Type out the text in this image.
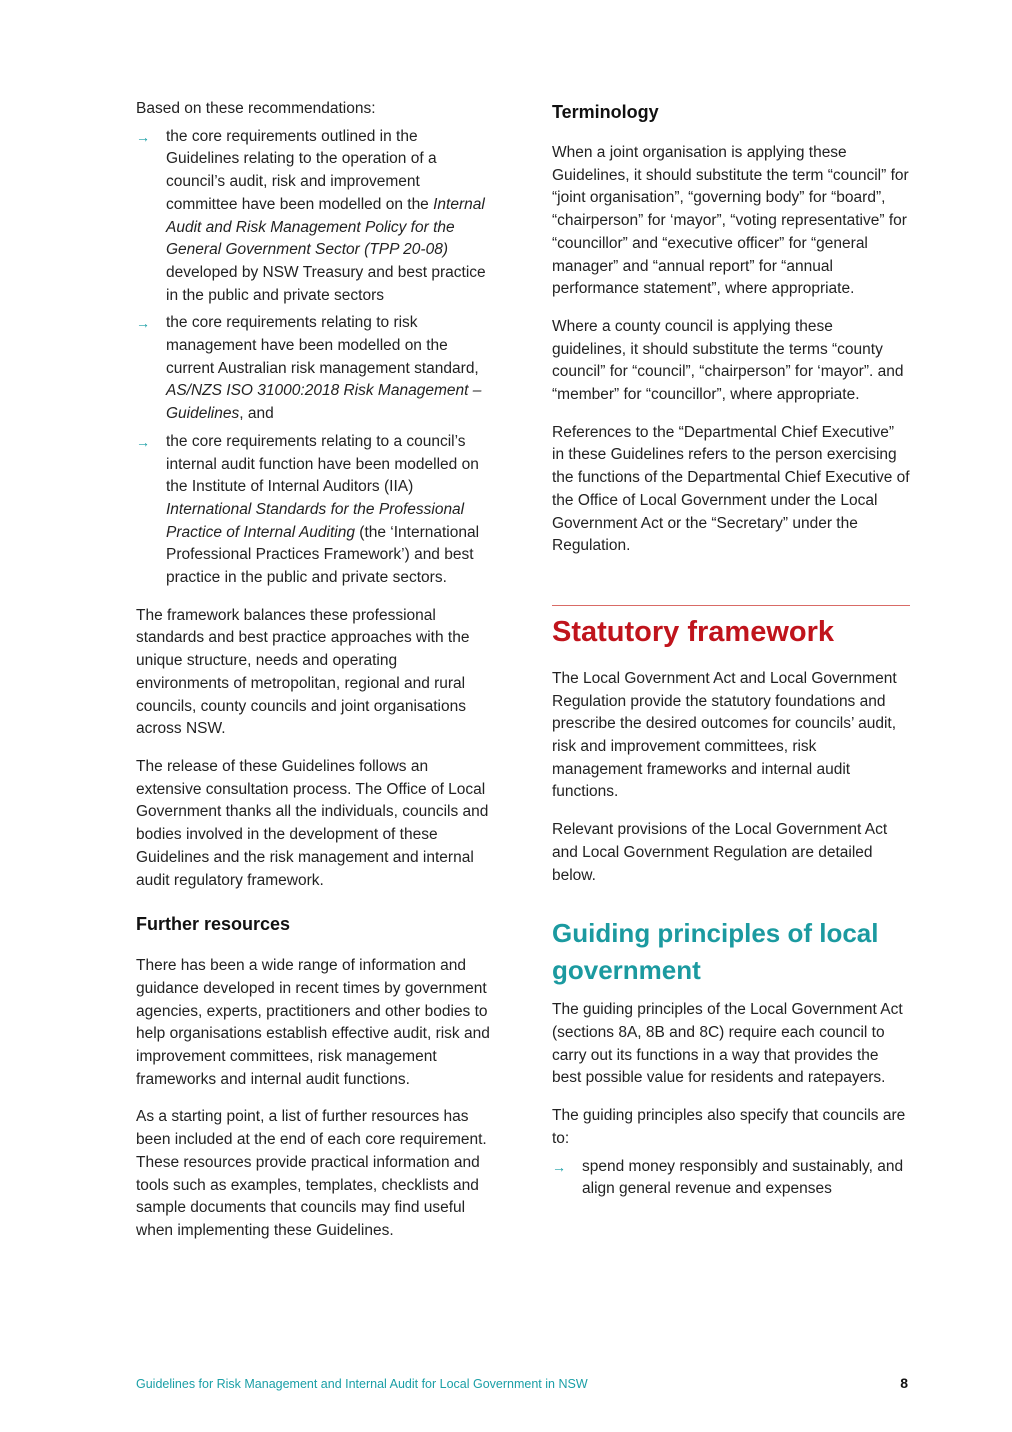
Based on these recommendations:

→ the core requirements outlined in the Guidelines relating to the operation of a council’s audit, risk and improvement committee have been modelled on the Internal Audit and Risk Management Policy for the General Government Sector (TPP 20-08) developed by NSW Treasury and best practice in the public and private sectors
→ the core requirements relating to risk management have been modelled on the current Australian risk management standard, AS/NZS ISO 31000:2018 Risk Management – Guidelines, and
→ the core requirements relating to a council’s internal audit function have been modelled on the Institute of Internal Auditors (IIA) International Standards for the Professional Practice of Internal Auditing (the ‘International Professional Practices Framework’) and best practice in the public and private sectors.

The framework balances these professional standards and best practice approaches with the unique structure, needs and operating environments of metropolitan, regional and rural councils, county councils and joint organisations across NSW.

The release of these Guidelines follows an extensive consultation process. The Office of Local Government thanks all the individuals, councils and bodies involved in the development of these Guidelines and the risk management and internal audit regulatory framework.

Further resources

There has been a wide range of information and guidance developed in recent times by government agencies, experts, practitioners and other bodies to help organisations establish effective audit, risk and improvement committees, risk management frameworks and internal audit functions.

As a starting point, a list of further resources has been included at the end of each core requirement. These resources provide practical information and tools such as examples, templates, checklists and sample documents that councils may find useful when implementing these Guidelines.

Terminology

When a joint organisation is applying these Guidelines, it should substitute the term “council” for “joint organisation”, “governing body” for “board”, “chairperson” for ‘mayor”, “voting representative” for “councillor” and “executive officer” for “general manager” and “annual report” for “annual performance statement”, where appropriate.

Where a county council is applying these guidelines, it should substitute the terms “county council” for “council”, “chairperson” for ‘mayor”. and “member” for “councillor”, where appropriate.

References to the “Departmental Chief Executive” in these Guidelines refers to the person exercising the functions of the Departmental Chief Executive of the Office of Local Government under the Local Government Act or the “Secretary” under the Regulation.

Statutory framework

The Local Government Act and Local Government Regulation provide the statutory foundations and prescribe the desired outcomes for councils’ audit, risk and improvement committees, risk management frameworks and internal audit functions.

Relevant provisions of the Local Government Act and Local Government Regulation are detailed below.

Guiding principles of local government

The guiding principles of the Local Government Act (sections 8A, 8B and 8C) require each council to carry out its functions in a way that provides the best possible value for residents and ratepayers.

The guiding principles also specify that councils are to:

→ spend money responsibly and sustainably, and align general revenue and expenses
Guidelines for Risk Management and Internal Audit for Local Government in NSW	8
